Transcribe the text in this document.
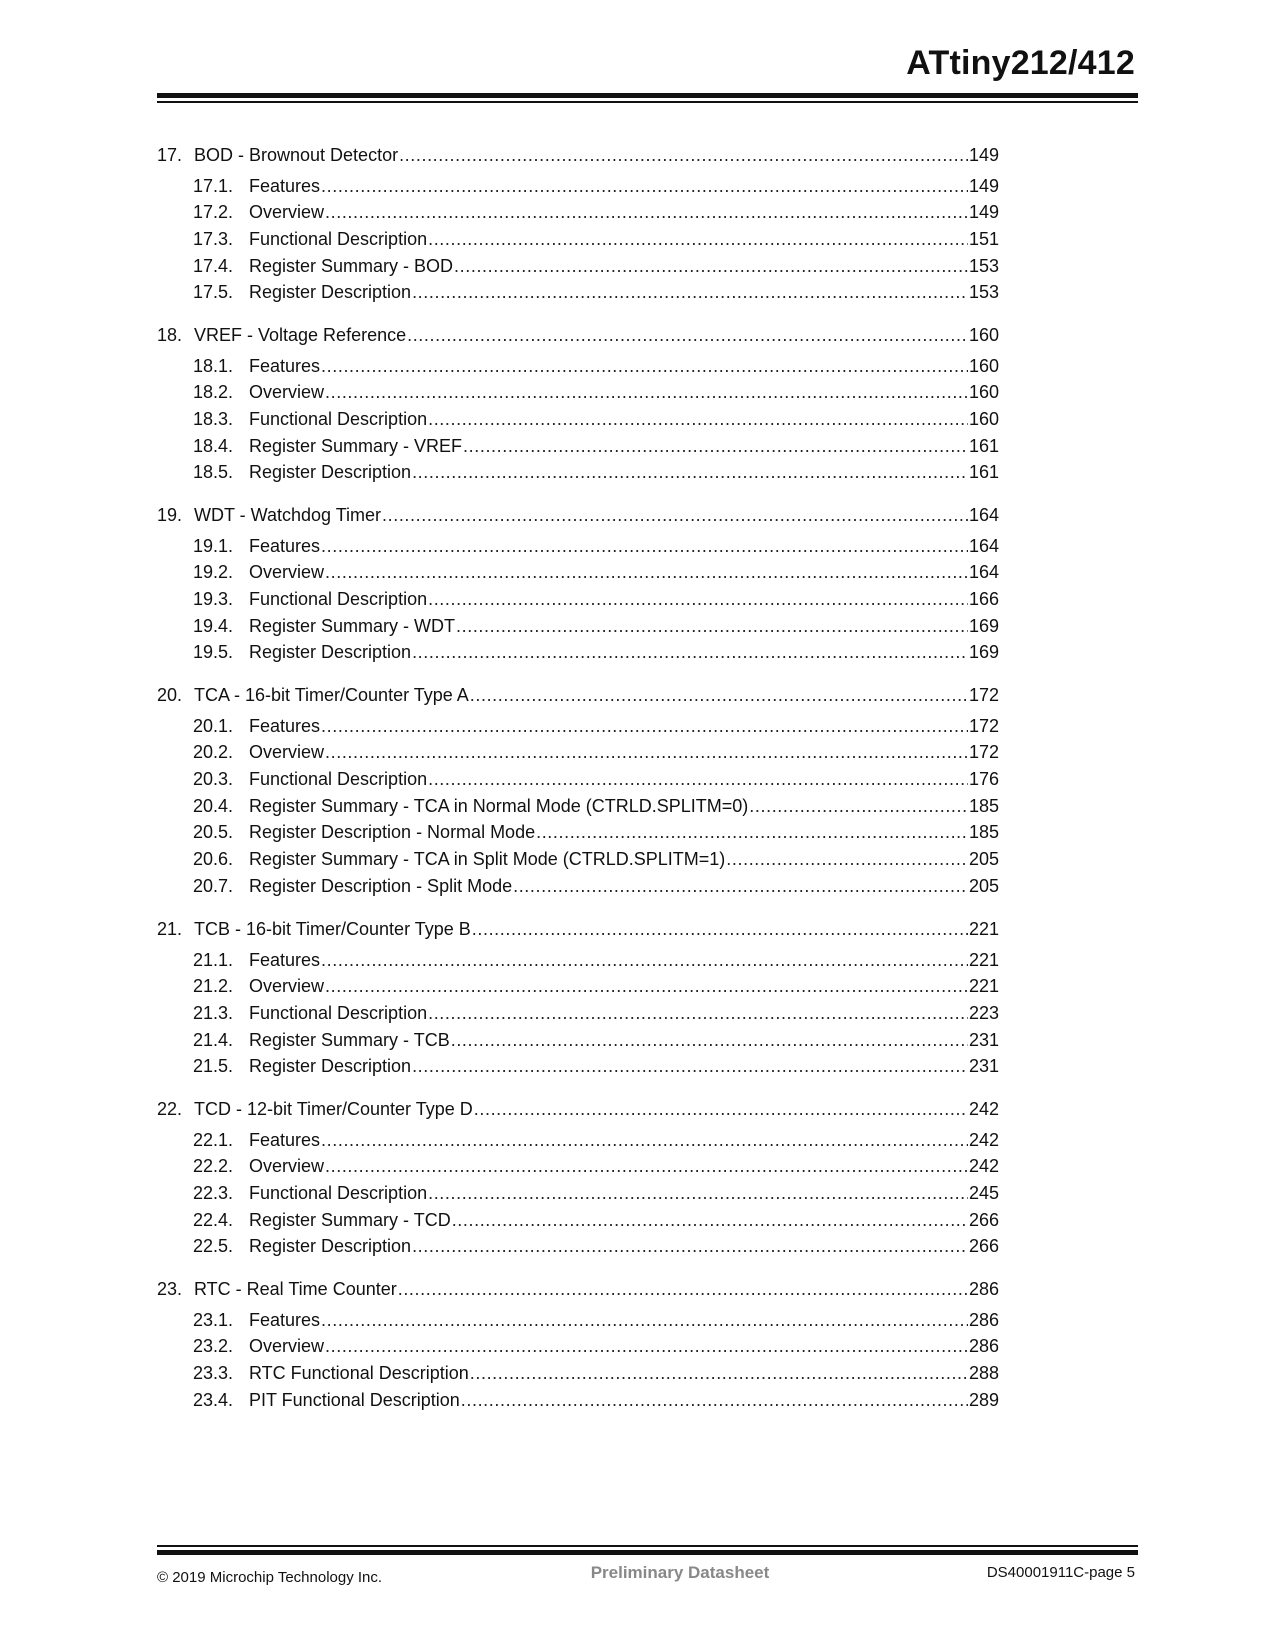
ATtiny212/412
17. BOD - Brownout Detector .....	149
17.1. Features .....	149
17.2. Overview .....	149
17.3. Functional Description .....	151
17.4. Register Summary - BOD .....	153
17.5. Register Description .....	153
18. VREF - Voltage Reference .....	160
18.1. Features .....	160
18.2. Overview .....	160
18.3. Functional Description .....	160
18.4. Register Summary - VREF .....	161
18.5. Register Description .....	161
19. WDT - Watchdog Timer .....	164
19.1. Features .....	164
19.2. Overview .....	164
19.3. Functional Description .....	166
19.4. Register Summary - WDT .....	169
19.5. Register Description .....	169
20. TCA - 16-bit Timer/Counter Type A .....	172
20.1. Features .....	172
20.2. Overview .....	172
20.3. Functional Description .....	176
20.4. Register Summary - TCA in Normal Mode (CTRLD.SPLITM=0) .....	185
20.5. Register Description - Normal Mode .....	185
20.6. Register Summary - TCA in Split Mode (CTRLD.SPLITM=1) .....	205
20.7. Register Description - Split Mode .....	205
21. TCB - 16-bit Timer/Counter Type B .....	221
21.1. Features .....	221
21.2. Overview .....	221
21.3. Functional Description .....	223
21.4. Register Summary - TCB .....	231
21.5. Register Description .....	231
22. TCD - 12-bit Timer/Counter Type D .....	242
22.1. Features .....	242
22.2. Overview .....	242
22.3. Functional Description .....	245
22.4. Register Summary - TCD .....	266
22.5. Register Description .....	266
23. RTC - Real Time Counter .....	286
23.1. Features .....	286
23.2. Overview .....	286
23.3. RTC Functional Description .....	288
23.4. PIT Functional Description .....	289
© 2019 Microchip Technology Inc.	Preliminary Datasheet	DS40001911C-page 5
